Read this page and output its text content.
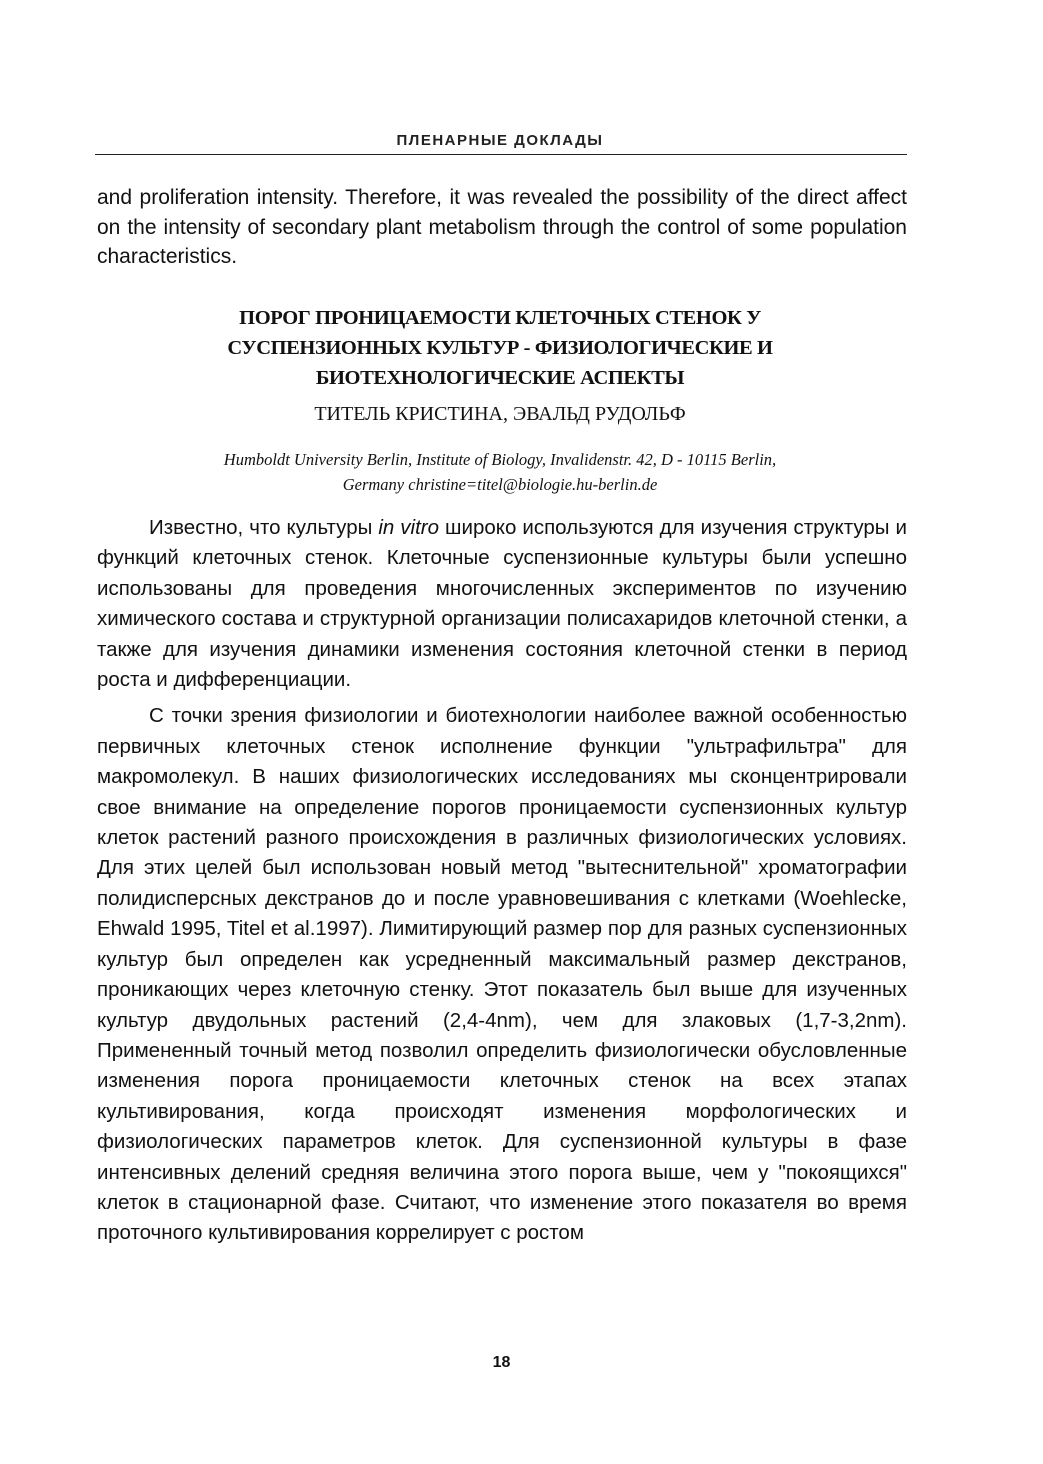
ПЛЕНАРНЫЕ ДОКЛАДЫ

and proliferation intensity. Therefore, it was revealed the possibility of the direct affect on the intensity of secondary plant metabolism through the control of some population characteristics.

ПОРОГ ПРОНИЦАЕМОСТИ КЛЕТОЧНЫХ СТЕНОК У
СУСПЕНЗИОННЫХ КУЛЬТУР - ФИЗИОЛОГИЧЕСКИЕ И
БИОТЕХНОЛОГИЧЕСКИЕ АСПЕКТЫ
ТИТЕЛЬ КРИСТИНА, ЭВАЛЬД РУДОЛЬФ
Humboldt University Berlin, Institute of Biology, Invalidenstr. 42, D - 10115 Berlin,
Germany christine=titel@biologie.hu-berlin.de

Известно, что культуры in vitro широко используются для изучения структуры и функций клеточных стенок. Клеточные суспензионные культуры были успешно использованы для проведения многочисленных экспериментов по изучению химического состава и структурной организации полисахаридов клеточной стенки, а также для изучения динамики изменения состояния клеточной стенки в период роста и дифференциации.

С точки зрения физиологии и биотехнологии наиболее важной особенностью первичных клеточных стенок исполнение функции "ультрафильтра" для макромолекул. В наших физиологических исследованиях мы сконцентрировали свое внимание на определение порогов проницаемости суспензионных культур клеток растений разного происхождения в различных физиологических условиях. Для этих целей был использован новый метод "вытеснительной" хроматографии полидисперсных декстранов до и после уравновешивания с клетками (Woehlecke, Ehwald 1995, Titel et al.1997). Лимитирующий размер пор для разных суспензионных культур был определен как усредненный максимальный размер декстранов, проникающих через клеточную стенку. Этот показатель был выше для изученных культур двудольных растений (2,4-4nm), чем для злаковых (1,7-3,2nm). Примененный точный метод позволил определить физиологически обусловленные изменения порога проницаемости клеточных стенок на всех этапах культивирования, когда происходят изменения морфологических и физиологических параметров клеток. Для суспензионной культуры в фазе интенсивных делений средняя величина этого порога выше, чем у "покоящихся" клеток в стационарной фазе. Считают, что изменение этого показателя во время проточного культивирования коррелирует с ростом

18
